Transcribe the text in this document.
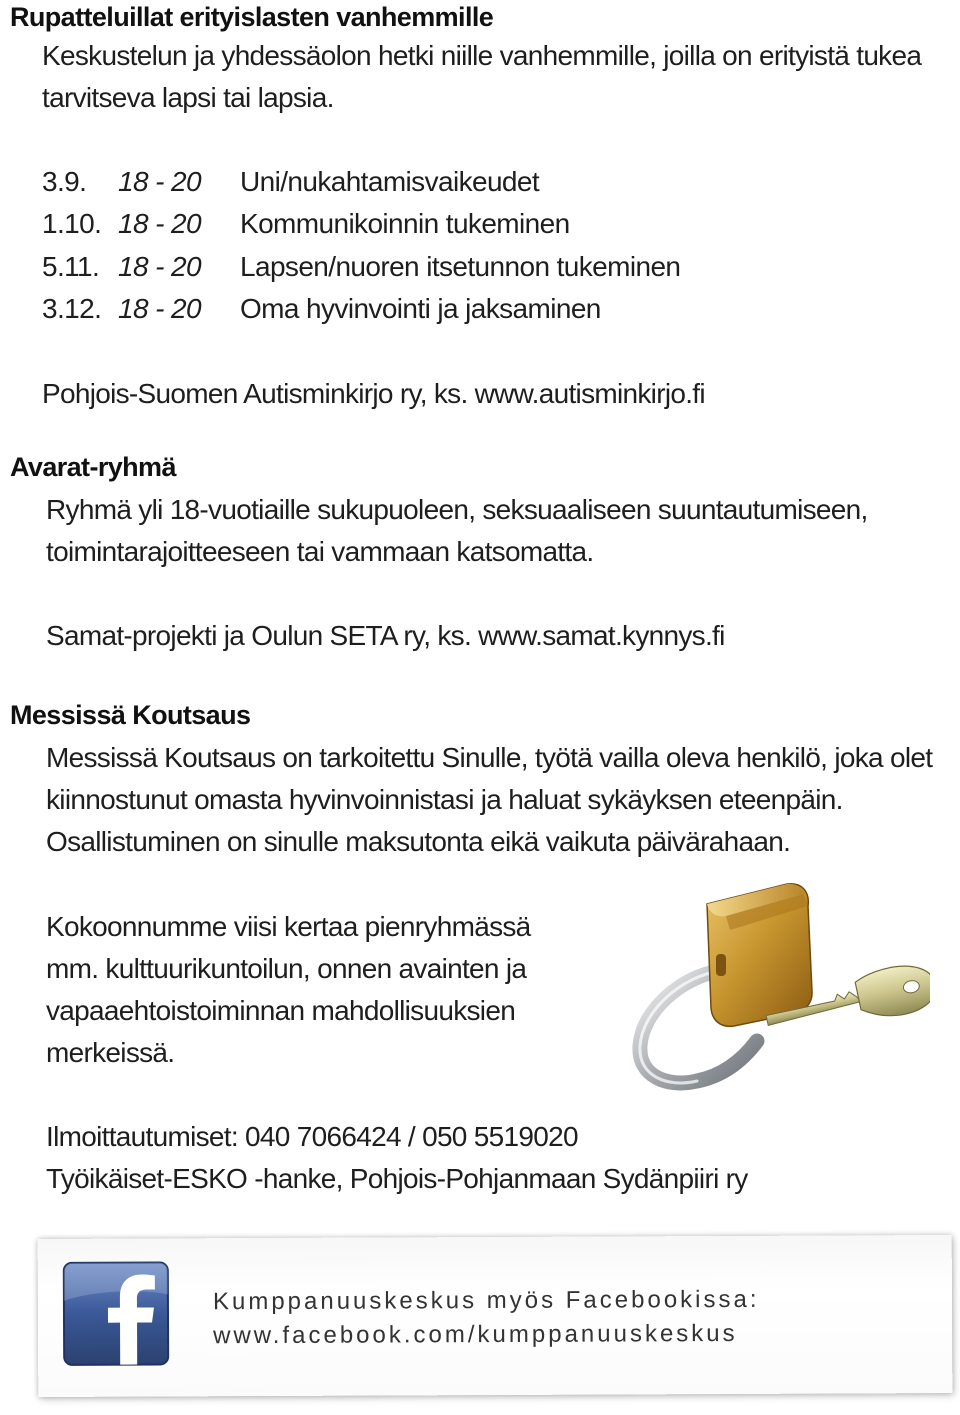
Rupatteluillat erityislasten vanhemmille
Keskustelun ja yhdessäolon hetki niille vanhemmille, joilla on erityistä tukea
tarvitseva lapsi tai lapsia.
3.9. 18 - 20 Uni/nukahtamisvaikeudet
1.10. 18 - 20 Kommunikoinnin tukeminen
5.11. 18 - 20 Lapsen/nuoren itsetunnon tukeminen
3.12. 18 - 20 Oma hyvinvointi ja jaksaminen
Pohjois-Suomen Autisminkirjo ry, ks. www.autisminkirjo.fi
Avarat-ryhmä
Ryhmä yli 18-vuotiaille sukupuoleen, seksuaaliseen suuntautumiseen,
toimintarajoitteeseen tai vammaan katsomatta.
Samat-projekti ja Oulun SETA ry, ks. www.samat.kynnys.fi
Messissä Koutsaus
Messissä Koutsaus on tarkoitettu Sinulle, työtä vailla oleva henkilö, joka olet
kiinnostunut omasta hyvinvoinnistasi ja haluat sykäyksen eteenpäin.
Osallistuminen on sinulle maksutonta eikä vaikuta päivärahaan.
Kokoonnumme viisi kertaa pienryhmässä
mm. kulttuurikuntoilun, onnen avainten ja
vapaaehtoistoiminnan mahdollisuuksien
merkeissä.
Ilmoittautumiset: 040 7066424 / 050 5519020
Työikäiset-ESKO -hanke, Pohjois-Pohjanmaan Sydänpiiri ry
Kumppanuuskeskus myös Facebookissa:
www.facebook.com/kumppanuuskeskus
